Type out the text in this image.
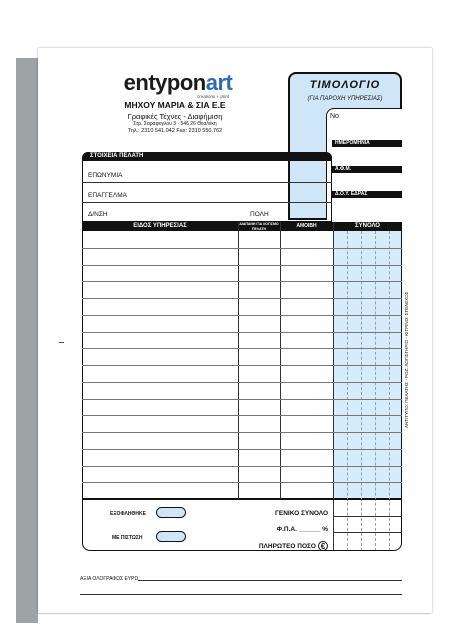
entyponart
creations + print
ΜΗΧΟΥ ΜΑΡΙΑ & ΣΙΑ Ε.Ε
Γραφικές Τέχνες - Διαφήμιση
Στρ. Σαράφογλου 3 · 546 26 Θεσ/νίκη
Τηλ.: 2310 541.042 Fax: 2310 550.762
ΤΙΜΟΛΟΓΙΟ
(ΓΙΑ ΠΑΡΟΧΗ ΥΠΗΡΕΣΙΑΣ)
Νο
ΗΜΕΡΟΜΗΝΙΑ
Α.Φ.Μ.
Δ.Ο.Υ. ΕΔΡΑΣ
ΣΤΟΙΧΕΙΑ ΠΕΛΑΤΗ
ΕΠΩΝΥΜΙΑ
ΕΠΑΓΓΕΛΜΑ
Δ/ΝΣΗ	ΠΟΛΗ
ΕΙΔΟΣ ΥΠΗΡΕΣΙΑΣ	ΔΙΑΠΑΝΗ ΓΙΑ ΛΟΓ/ΣΜΟ ΠΕΛΑΤΗ	ΑΜΟΙΒΗ	ΣΥΝΟΛΟ
ΕΞΟΦΛΗΘΗΚΕ
ΜΕ ΠΙΣΤΩΣΗ
ΓΕΝΙΚΟ ΣΥΝΟΛΟ
Φ.Π.Α. ______ %
ΠΛΗΡΩΤΕΟ ΠΟΣΟ €
ΑΝΤΙΤΥΠΟ: ΠΕΛΑΤΗΣ - ΡΟΖ: ΛΟΓΙΣΤΗΡΙΟ - ΚΙΤΡΙΝΟ: ΣΤΕΛΕΧΟΣ
ΑΞΙΑ ΟΛΟΓΡΑΦΩΣ ΕΥΡΩ
